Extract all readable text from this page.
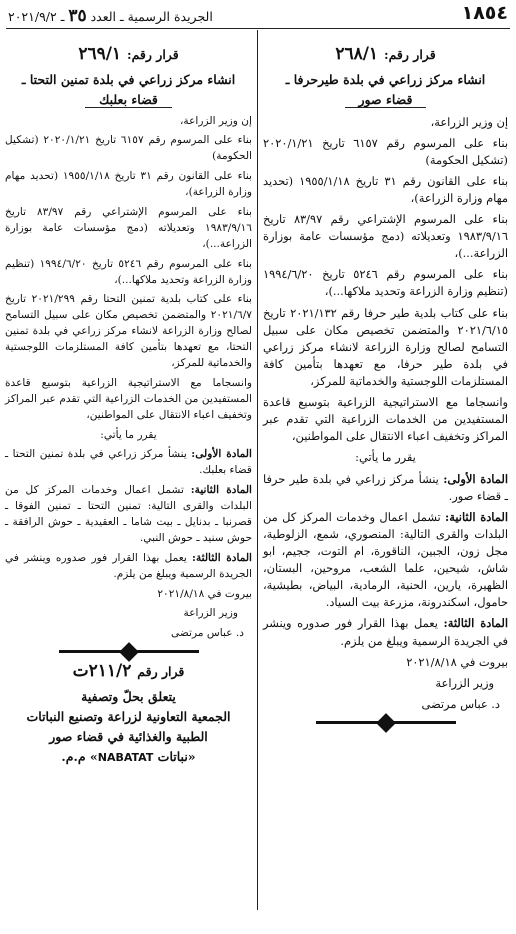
١٨٥٤
الجريدة الرسمية ـ العدد ٣٥ ـ ٢٠٢١/٩/٢
قرار رقم: ٢٦٨/١
انشاء مركز زراعي في بلدة طيرحرفا ـ
قضاء صور
إن وزير الزراعة،
بناء على المرسوم رقم ٦١٥٧ تاريخ ٢٠٢٠/١/٢١ (تشكيل الحكومة)
بناء على القانون رقم ٣١ تاريخ ١٩٥٥/١/١٨ (تحديد مهام وزارة الزراعة)،
بناء على المرسوم الإشتراعي رقم ٨٣/٩٧ تاريخ ١٩٨٣/٩/١٦ وتعديلاته (دمج مؤسسات عامة بوزارة الزراعة...)،
بناء على المرسوم رقم ٥٢٤٦ تاريخ ١٩٩٤/٦/٢٠ (تنظيم وزارة الزراعة وتحديد ملاكها...)،
بناء على كتاب بلدية طير حرفا رقم ٢٠٢١/١٣٢ تاريخ ٢٠٢١/٦/١٥ والمتضمن تخصيص مكان على سبيل التسامح لصالح وزارة الزراعة لانشاء مركز زراعي في بلدة طير حرفا، مع تعهدها بتأمين كافة المستلزمات اللوجستية والخدماتية للمركز،
وانسجاما مع الاستراتيجية الزراعية بتوسيع قاعدة المستفيدين من الخدمات الزراعية التي تقدم عبر المراكز وتخفيف اعباء الانتقال على المواطنين،
يقرر ما يأتي:
المادة الأولى: ينشأ مركز زراعي في بلدة طير حرفا ـ قضاء صور.
المادة الثانية: تشمل اعمال وخدمات المركز كل من البلدات والقرى التالية: المنصوري، شمع، الزلوطية، مجل زون، الجبين، الناقورة، ام التوت، ججيم، ابو شاش، شيحين، علما الشعب، مروحين، البستان، الظهيرة، يارين، الحنية، الرمادية، البياض، بطيشية، حامول، اسكندرونة، مزرعة بيت السياد.
المادة الثالثة: يعمل بهذا القرار فور صدوره وينشر في الجريدة الرسمية ويبلغ من يلزم.
بيروت في ٢٠٢١/٨/١٨
وزير الزراعة
د. عباس مرتضى
قرار رقم: ٢٦٩/١
انشاء مركز زراعي في بلدة تمنين التحتا ـ
قضاء بعلبك
إن وزير الزراعة،
بناء على المرسوم رقم ٦١٥٧ تاريخ ٢٠٢٠/١/٢١ (تشكيل الحكومة)
بناء على القانون رقم ٣١ تاريخ ١٩٥٥/١/١٨ (تحديد مهام وزارة الزراعة)،
بناء على المرسوم الإشتراعي رقم ٨٣/٩٧ تاريخ ١٩٨٣/٩/١٦ وتعديلاته (دمج مؤسسات عامة بوزارة الزراعة...)،
بناء على المرسوم رقم ٥٢٤٦ تاريخ ١٩٩٤/٦/٢٠ (تنظيم وزارة الزراعة وتحديد ملاكها...)،
بناء على كتاب بلدية تمنين التحتا رقم ٢٠٢١/٢٩٩ تاريخ ٢٠٢١/٦/٧ والمتضمن تخصيص مكان على سبيل التسامح لصالح وزارة الزراعة لانشاء مركز زراعي في بلدة تمنين التحتا، مع تعهدها بتأمين كافة المستلزمات اللوجستية والخدماتية للمركز،
وانسجاما مع الاستراتيجية الزراعية بتوسيع قاعدة المستفيدين من الخدمات الزراعية التي تقدم عبر المراكز وتخفيف اعباء الانتقال على المواطنين،
يقرر ما يأتي:
المادة الأولى: ينشأ مركز زراعي في بلدة تمنين التحتا ـ قضاء بعلبك.
المادة الثانية: تشمل اعمال وخدمات المركز كل من البلدات والقرى التالية: تمنين التحتا ـ تمنين الفوقا ـ قصرنبا ـ بدنايل ـ بيت شاما ـ العقيدية ـ حوش الرافقة ـ حوش سنيد ـ حوش النبي.
المادة الثالثة: يعمل بهذا القرار فور صدوره وينشر في الجريدة الرسمية ويبلغ من يلزم.
بيروت في ٢٠٢١/٨/١٨
وزير الزراعة
د. عباس مرتضى
قرار رقم ٢١١/٢ت
يتعلق بحلّ وتصفية
الجمعية التعاونية لزراعة وتصنيع النباتات
الطبية والغذائية في قضاء صور
«نباتات NABATAT» م.م.
